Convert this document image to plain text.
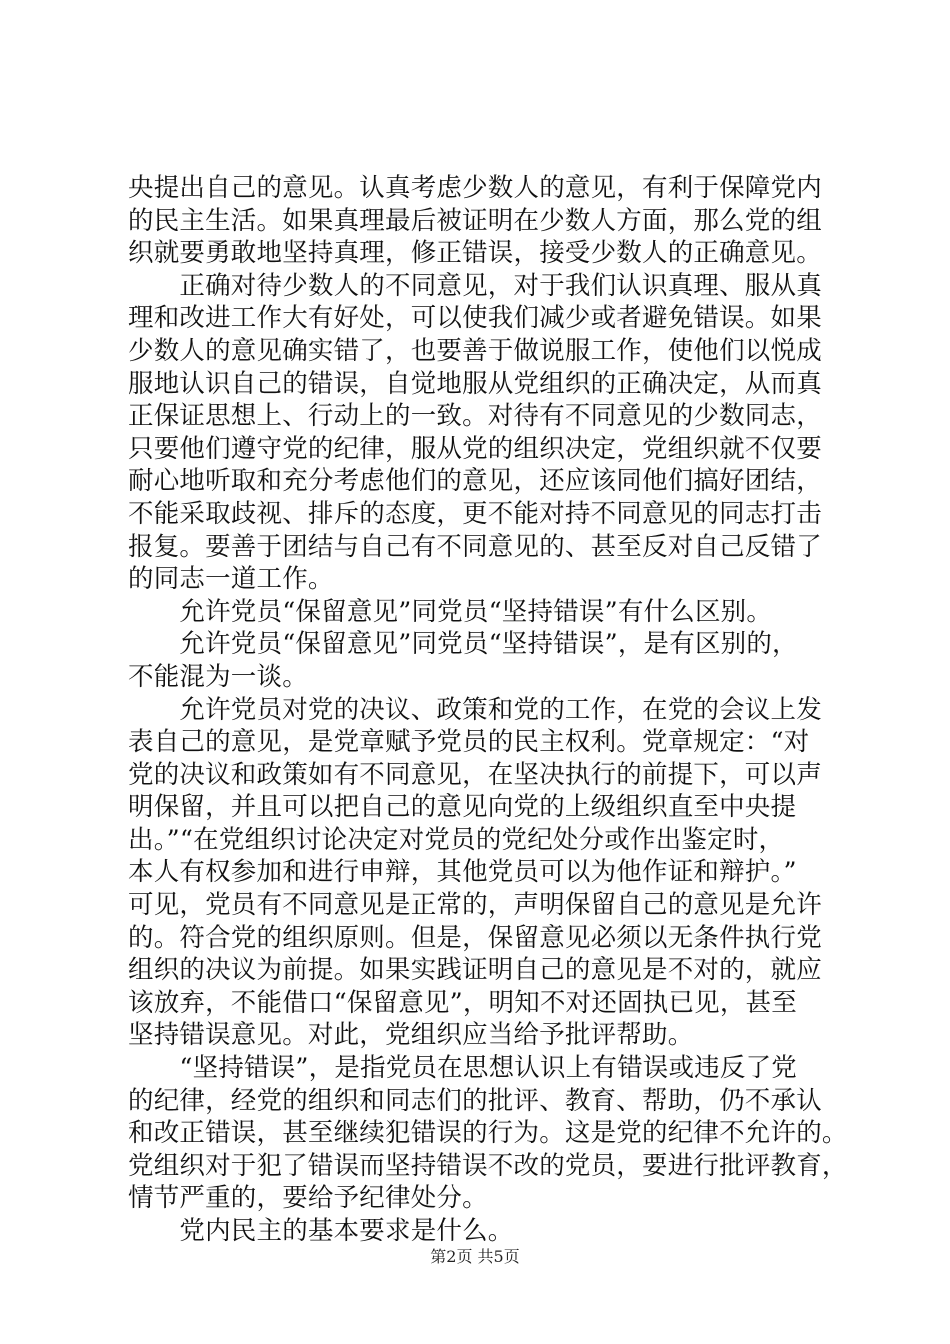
央提出自己的意见。认真考虑少数人的意见，有利于保障党内
的民主生活。如果真理最后被证明在少数人方面，那么党的组
织就要勇敢地坚持真理，修正错误，接受少数人的正确意见。
　　正确对待少数人的不同意见，对于我们认识真理、服从真
理和改进工作大有好处，可以使我们减少或者避免错误。如果
少数人的意见确实错了，也要善于做说服工作，使他们以悦成
服地认识自己的错误，自觉地服从党组织的正确决定，从而真
正保证思想上、行动上的一致。对待有不同意见的少数同志，
只要他们遵守党的纪律，服从党的组织决定，党组织就不仅要
耐心地听取和充分考虑他们的意见，还应该同他们搞好团结，
不能采取歧视、排斥的态度，更不能对持不同意见的同志打击
报复。要善于团结与自己有不同意见的、甚至反对自己反错了
的同志一道工作。
　　允许党员“保留意见”同党员“坚持错误”有什么区别。
　　允许党员“保留意见”同党员“坚持错误”，是有区别的，
不能混为一谈。
　　允许党员对党的决议、政策和党的工作，在党的会议上发
表自己的意见，是党章赋予党员的民主权利。党章规定：“对
党的决议和政策如有不同意见，在坚决执行的前提下，可以声
明保留，并且可以把自己的意见向党的上级组织直至中央提
出。”“在党组织讨论决定对党员的党纪处分或作出鉴定时，
本人有权参加和进行申辩，其他党员可以为他作证和辩护。”
可见，党员有不同意见是正常的，声明保留自己的意见是允许
的。符合党的组织原则。但是，保留意见必须以无条件执行党
组织的决议为前提。如果实践证明自己的意见是不对的，就应
该放弃，不能借口“保留意见”，明知不对还固执已见，甚至
坚持错误意见。对此，党组织应当给予批评帮助。
　　“坚持错误”，是指党员在思想认识上有错误或违反了党
的纪律，经党的组织和同志们的批评、教育、帮助，仍不承认
和改正错误，甚至继续犯错误的行为。这是党的纪律不允许的。
党组织对于犯了错误而坚持错误不改的党员，要进行批评教育，
情节严重的，要给予纪律处分。
　　党内民主的基本要求是什么。
第2页 共5页
